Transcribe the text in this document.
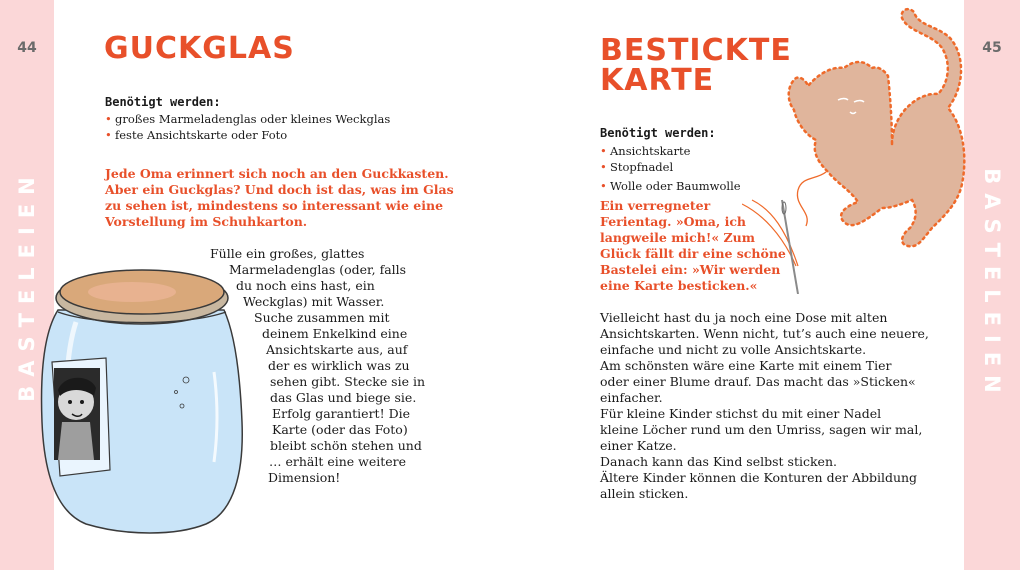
44
BASTELEIEN
45
BASTELEIEN
GUCKGLAS
Benötigt werden:
• großes Marmeladenglas oder kleines Weckglas
• feste Ansichtskarte oder Foto

Jede Oma erinnert sich noch an den Guckkasten.
Aber ein Guckglas? Und doch ist das, was im Glas
zu sehen ist, mindestens so interessant wie eine
Vorstellung im Schuhkarton.

Fülle ein großes, glattes
Marmeladenglas (oder, falls
du noch eins hast, ein
Weckglas) mit Wasser.
Suche zusammen mit
deinem Enkelkind eine
Ansichtskarte aus, auf
der es wirklich was zu
sehen gibt. Stecke sie in
das Glas und biege sie.
Erfolg garantiert! Die
Karte (oder das Foto)
bleibt schön stehen und
… erhält eine weitere
Dimension!

BESTICKTE
KARTE
Benötigt werden:
• Ansichtskarte
• Stopfnadel
• Wolle oder Baumwolle

Ein verregneter
Ferientag. »Oma, ich
langweile mich!« Zum
Glück fällt dir eine schöne
Bastelei ein: »Wir werden
eine Karte besticken.«

Vielleicht hast du ja noch eine Dose mit alten
Ansichtskarten. Wenn nicht, tut’s auch eine neuere,
einfache und nicht zu volle Ansichtskarte.
Am schönsten wäre eine Karte mit einem Tier
oder einer Blume drauf. Das macht das »Sticken«
einfacher.
Für kleine Kinder stichst du mit einer Nadel
kleine Löcher rund um den Umriss, sagen wir mal,
einer Katze.
Danach kann das Kind selbst sticken.
Ältere Kinder können die Konturen der Abbildung
allein sticken.
